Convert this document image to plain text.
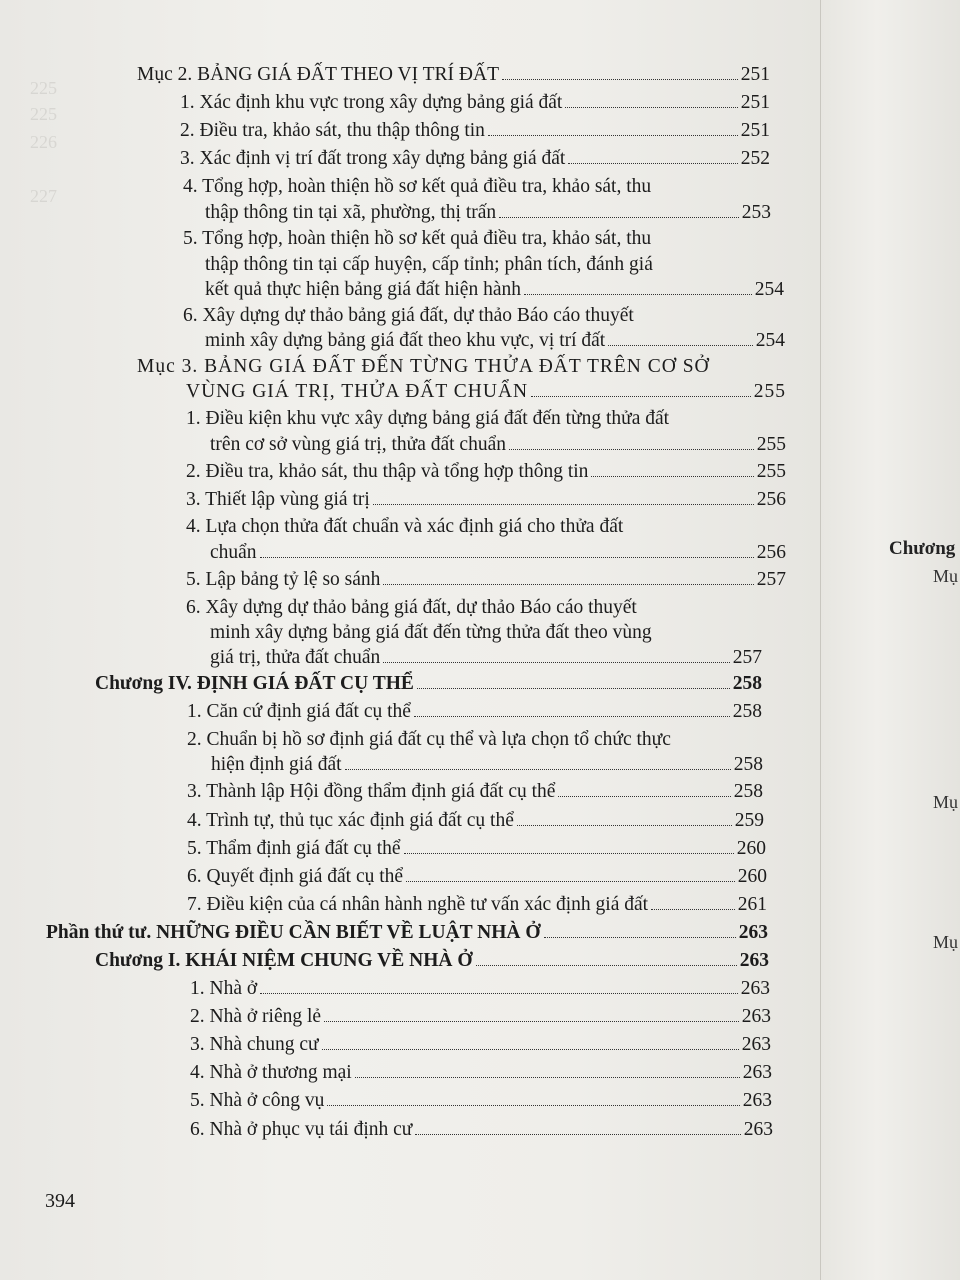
225
225
226
227
Mục 2. BẢNG GIÁ ĐẤT THEO VỊ TRÍ ĐẤT	251
1. Xác định khu vực trong xây dựng bảng giá đất	251
2. Điều tra, khảo sát, thu thập thông tin	251
3. Xác định vị trí đất trong xây dựng bảng giá đất	252
4. Tổng hợp, hoàn thiện hồ sơ kết quả điều tra, khảo sát, thu
thập thông tin tại xã, phường, thị trấn	253
5. Tổng hợp, hoàn thiện hồ sơ kết quả điều tra, khảo sát, thu
thập thông tin tại cấp huyện, cấp tỉnh; phân tích, đánh giá
kết quả thực hiện bảng giá đất hiện hành	254
6. Xây dựng dự thảo bảng giá đất, dự thảo Báo cáo thuyết
minh xây dựng bảng giá đất theo khu vực, vị trí đất	254
Mục 3. BẢNG GIÁ ĐẤT ĐẾN TỪNG THỬA ĐẤT TRÊN CƠ SỞ
VÙNG GIÁ TRỊ, THỬA ĐẤT CHUẨN	255
1. Điều kiện khu vực xây dựng bảng giá đất đến từng thửa đất
trên cơ sở vùng giá trị, thửa đất chuẩn	255
2. Điều tra, khảo sát, thu thập và tổng hợp thông tin	255
3. Thiết lập vùng giá trị	256
4. Lựa chọn thửa đất chuẩn và xác định giá cho thửa đất
chuẩn	256
5. Lập bảng tỷ lệ so sánh	257
6. Xây dựng dự thảo bảng giá đất, dự thảo Báo cáo thuyết
minh xây dựng bảng giá đất đến từng thửa đất theo vùng
giá trị, thửa đất chuẩn	257
Chương IV. ĐỊNH GIÁ ĐẤT CỤ THỂ	258
1. Căn cứ định giá đất cụ thể	258
2. Chuẩn bị hồ sơ định giá đất cụ thể và lựa chọn tổ chức thực
hiện định giá đất	258
3. Thành lập Hội đồng thẩm định giá đất cụ thể	258
4. Trình tự, thủ tục xác định giá đất cụ thể	259
5. Thẩm định giá đất cụ thể	260
6. Quyết định giá đất cụ thể	260
7. Điều kiện của cá nhân hành nghề tư vấn xác định giá đất	261
Phần thứ tư. NHỮNG ĐIỀU CẦN BIẾT VỀ LUẬT NHÀ Ở	263
Chương I. KHÁI NIỆM CHUNG VỀ NHÀ Ở	263
1. Nhà ở	263
2. Nhà ở riêng lẻ	263
3. Nhà chung cư	263
4. Nhà ở thương mại	263
5. Nhà ở công vụ	263
6. Nhà ở phục vụ tái định cư	263
394
Chương
Mụ
Mụ
Mụ
